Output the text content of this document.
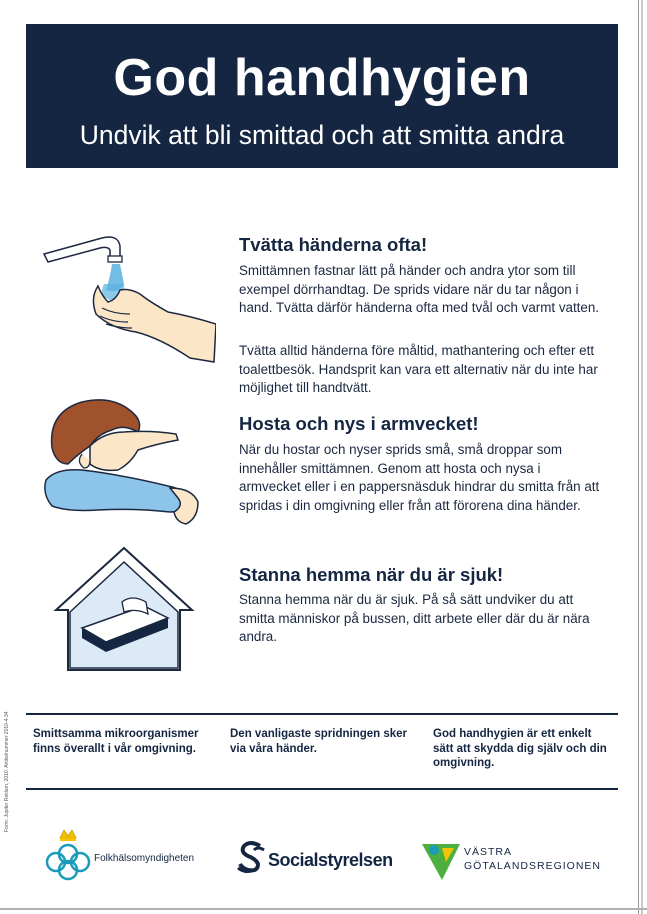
God handhygien
Undvik att bli smittad och att smitta andra
Tvätta händerna ofta!

Smittämnen fastnar lätt på händer och andra ytor som till exempel dörrhandtag. De sprids vidare när du tar någon i hand. Tvätta därför händerna ofta med tvål och varmt vatten.

Tvätta alltid händerna före måltid, mathantering och efter ett toalettbesök. Handsprit kan vara ett alternativ när du inte har möjlighet till handtvätt.

Hosta och nys i armvecket!

När du hostar och nyser sprids små, små droppar som innehåller smittämnen. Genom att hosta och nysa i armvecket eller i en pappersnäsduk hindrar du smitta från att spridas i din omgivning eller från att förorena dina händer.

Stanna hemma när du är sjuk!

Stanna hemma när du är sjuk. På så sätt undviker du att smitta människor på bussen, ditt arbete eller där du är nära andra.

Smittsamma mikroorganismer finns överallt i vår omgivning.

Den vanligaste spridningen sker via våra händer.

God handhygien är ett enkelt sätt att skydda dig själv och din omgivning.

Form: Jupiter Reklam, 2010. Artikelnummer 2010-4-34
Folkhälsomyndigheten	Socialstyrelsen	VÄSTRA
GÖTALANDSREGIONEN
